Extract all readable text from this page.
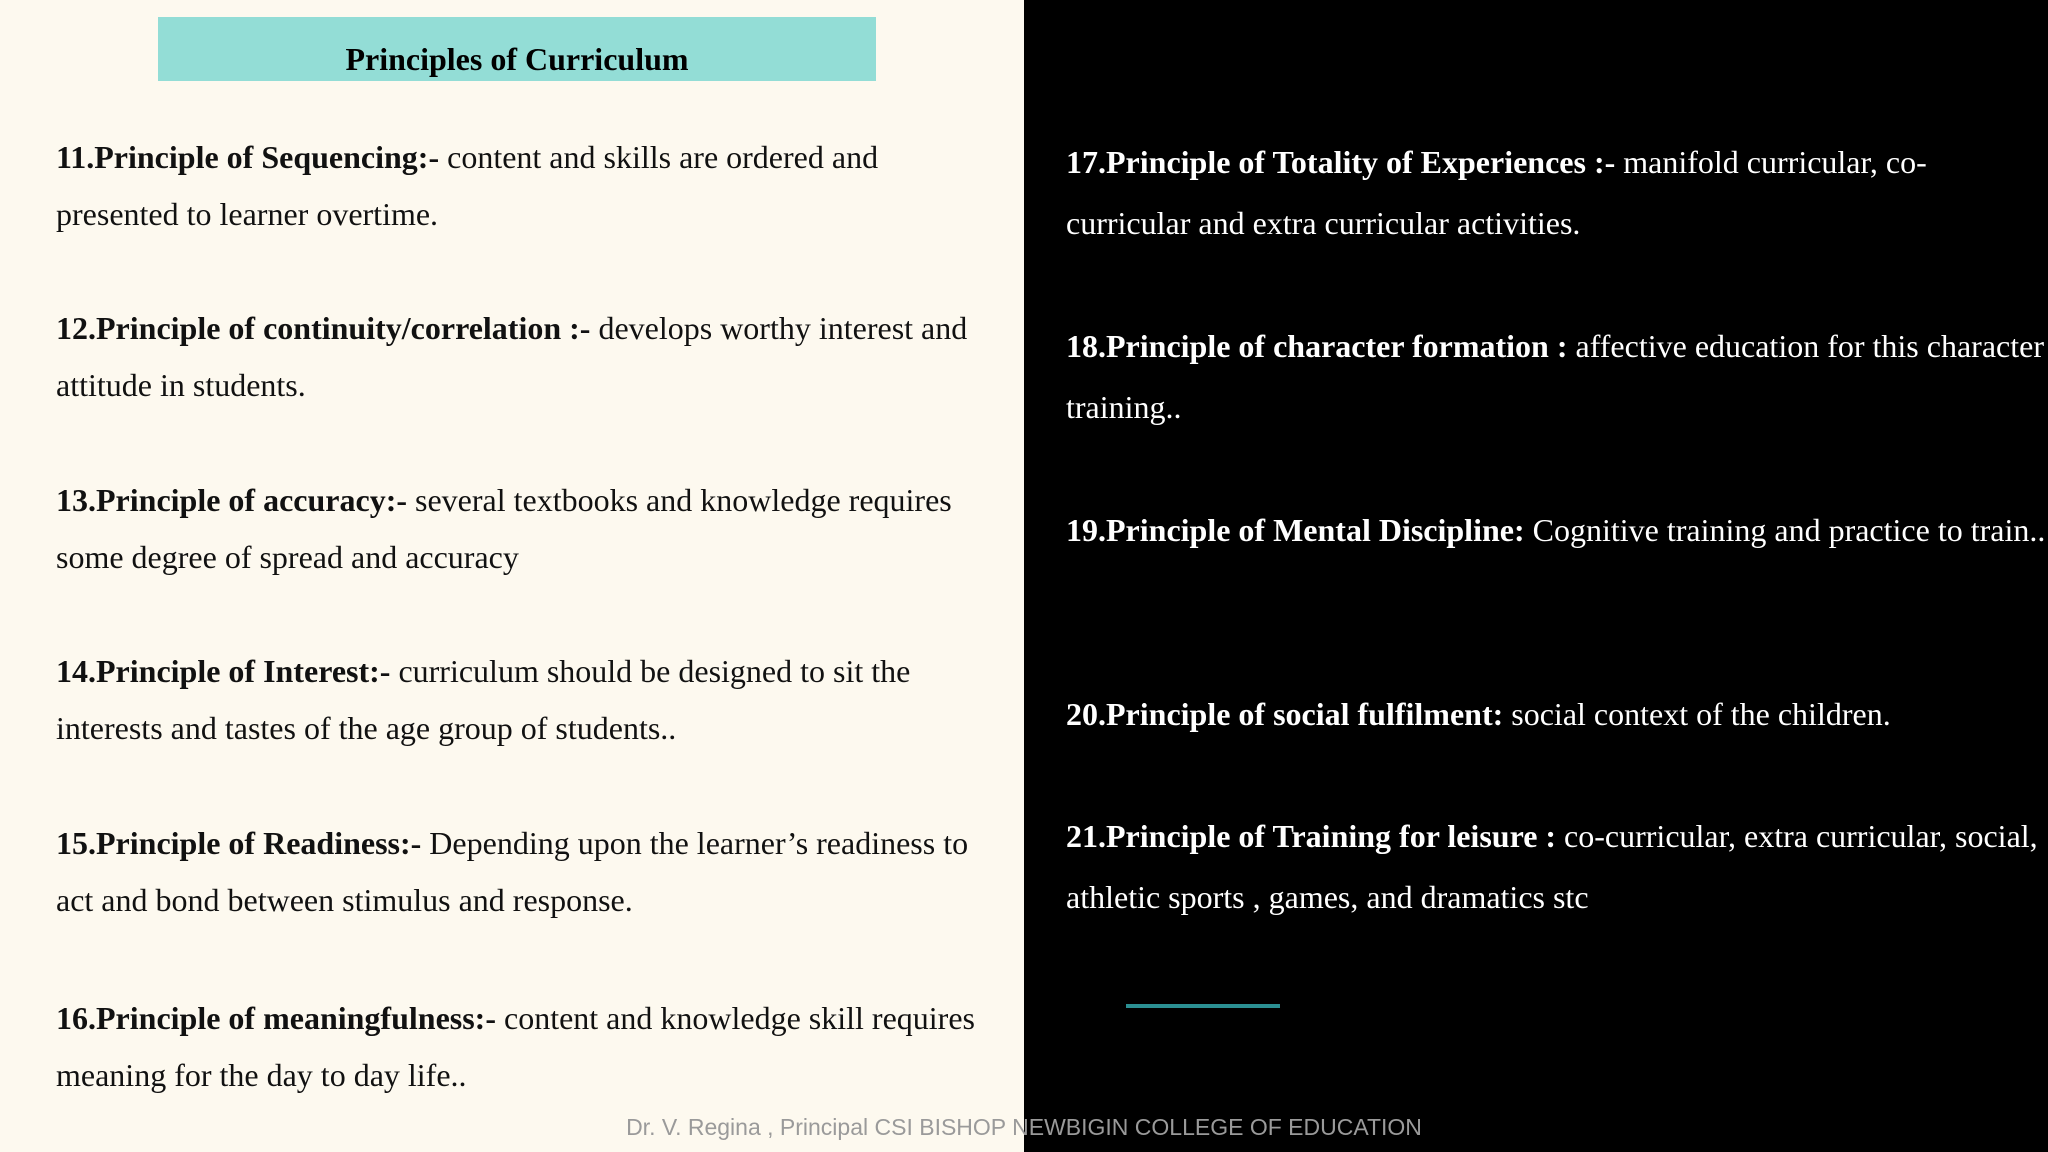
Principles of Curriculum
11.Principle of Sequencing:- content and skills are ordered and presented to learner overtime.
12.Principle of continuity/correlation :- develops worthy interest and attitude in students.
13.Principle of accuracy:- several textbooks and knowledge requires some degree of spread and accuracy
14.Principle of Interest:- curriculum should be designed to sit the interests and tastes of the age group of students..
15.Principle of Readiness:- Depending upon the learner’s readiness to act and bond between stimulus and response.
16.Principle of meaningfulness:- content and knowledge skill requires meaning for the day to day life..
17.Principle of Totality of Experiences :- manifold curricular, co-curricular and extra curricular activities.
18.Principle of character formation : affective education for this character training..
19.Principle of Mental Discipline: Cognitive training and practice to train..
20.Principle of social fulfilment: social context of the children.
21.Principle of Training for leisure : co-curricular, extra curricular, social, athletic sports , games, and dramatics stc
Dr. V. Regina , Principal CSI BISHOP NEWBIGIN COLLEGE OF EDUCATION
